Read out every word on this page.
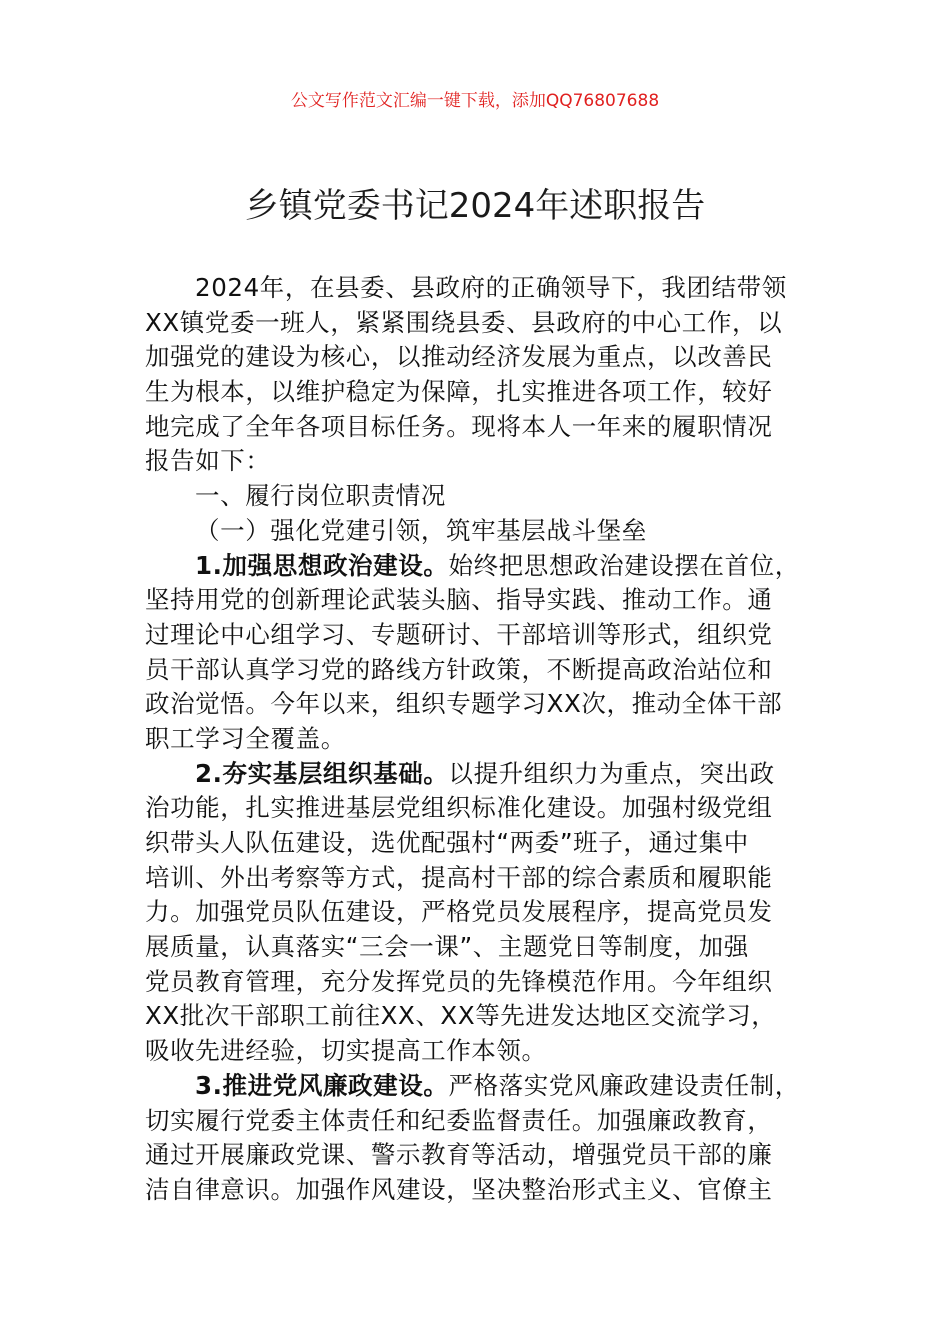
公文写作范文汇编一键下载，添加QQ76807688
乡镇党委书记2024年述职报告
2024年，在县委、县政府的正确领导下，我团结带领
XX镇党委一班人，紧紧围绕县委、县政府的中心工作，以
加强党的建设为核心，以推动经济发展为重点，以改善民
生为根本，以维护稳定为保障，扎实推进各项工作，较好
地完成了全年各项目标任务。现将本人一年来的履职情况
报告如下：
一、履行岗位职责情况
（一）强化党建引领，筑牢基层战斗堡垒
1.加强思想政治建设。始终把思想政治建设摆在首位，
坚持用党的创新理论武装头脑、指导实践、推动工作。通
过理论中心组学习、专题研讨、干部培训等形式，组织党
员干部认真学习党的路线方针政策，不断提高政治站位和
政治觉悟。今年以来，组织专题学习XX次，推动全体干部
职工学习全覆盖。
2.夯实基层组织基础。以提升组织力为重点，突出政
治功能，扎实推进基层党组织标准化建设。加强村级党组
织带头人队伍建设，选优配强村“两委”班子，通过集中
培训、外出考察等方式，提高村干部的综合素质和履职能
力。加强党员队伍建设，严格党员发展程序，提高党员发
展质量，认真落实“三会一课”、主题党日等制度，加强
党员教育管理，充分发挥党员的先锋模范作用。今年组织
XX批次干部职工前往XX、XX等先进发达地区交流学习，
吸收先进经验，切实提高工作本领。
3.推进党风廉政建设。严格落实党风廉政建设责任制，
切实履行党委主体责任和纪委监督责任。加强廉政教育，
通过开展廉政党课、警示教育等活动，增强党员干部的廉
洁自律意识。加强作风建设，坚决整治形式主义、官僚主
